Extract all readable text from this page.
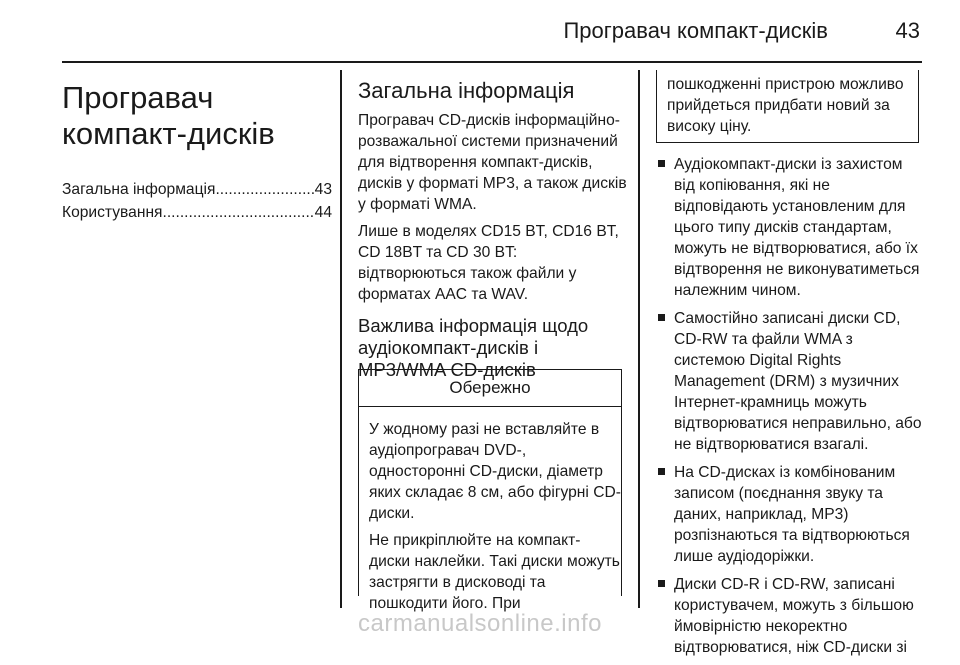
Програвач компакт-дисків	43
Програвач
компакт-дисків
Загальна інформація .....	43
Користування .....	44
Загальна інформація

Програвач CD-дисків інформаційно-розважальної системи призначений для відтворення компакт-дисків, дисків у форматі MP3, а також дисків у форматі WMA.

Лише в моделях CD15 BT, CD16 BT, CD 18BT та CD 30 BT: відтворюються також файли у форматах AAC та WAV.

Важлива інформація щодо аудіокомпакт-дисків і MP3/WMA CD-дисків
Обережно

У жодному разі не вставляйте в аудіопрогравач DVD-, односторонні CD-диски, діаметр яких складає 8 см, або фігурні CD-диски.

Не прикріплюйте на компакт-диски наклейки. Такі диски можуть застрягти в дисководі та пошкодити його. При

пошкодженні пристрою можливо прийдеться придбати новий за високу ціну.

Аудіокомпакт-диски із захистом від копіювання, які не відповідають установленим для цього типу дисків стандартам, можуть не відтворюватися, або їх відтворення не виконуватиметься належним чином.
Самостійно записані диски CD, CD-RW та файли WMA з системою Digital Rights Management (DRM) з музичних Інтернет-крамниць можуть відтворюватися неправильно, або не відтворюватися взагалі.
На CD-дисках із комбінованим записом (поєднання звуку та даних, наприклад, MP3) розпізнаються та відтворюються лише аудіодоріжки.
Диски CD-R і CD-RW, записані користувачем, можуть з більшою ймовірністю некоректно відтворюватися, ніж CD-диски зі
carmanualsonline.info
